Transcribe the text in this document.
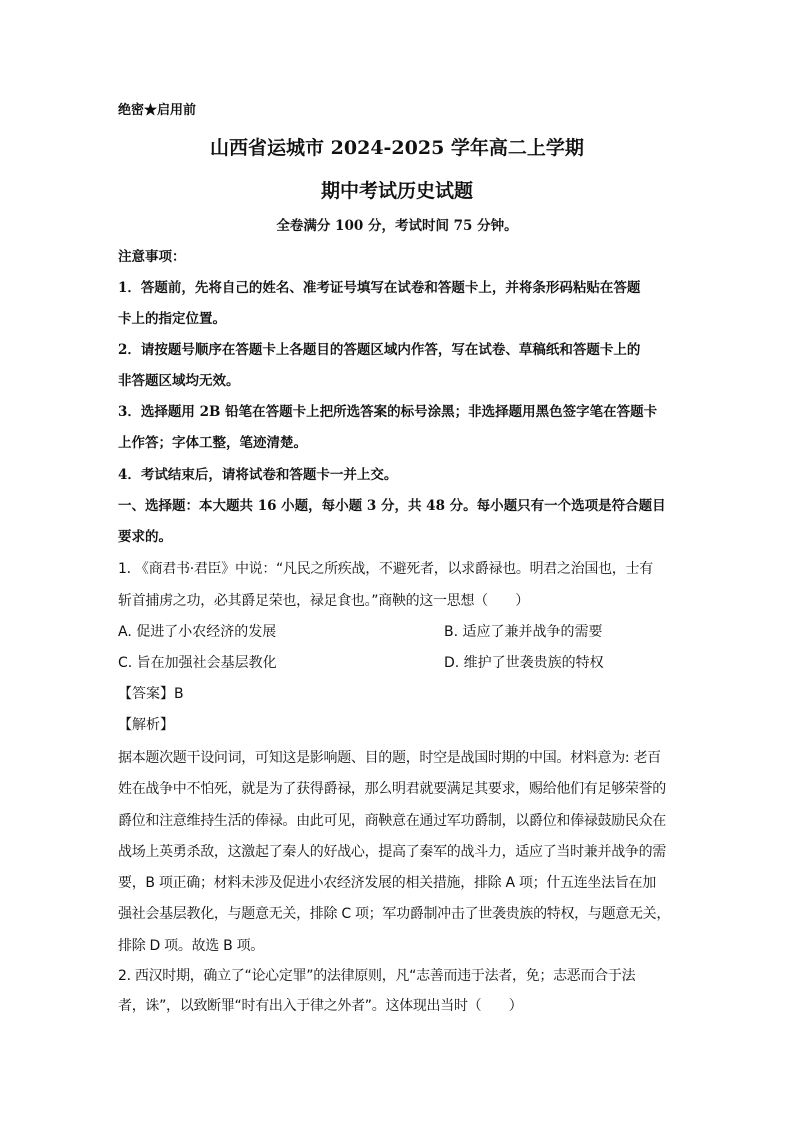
绝密★启用前
山西省运城市 2024-2025 学年高二上学期
期中考试历史试题
全卷满分 100 分，考试时间 75 分钟。
注意事项：
1．答题前，先将自己的姓名、准考证号填写在试卷和答题卡上，并将条形码粘贴在答题
卡上的指定位置。
2．请按题号顺序在答题卡上各题目的答题区域内作答，写在试卷、草稿纸和答题卡上的
非答题区域均无效。
3．选择题用 2B 铅笔在答题卡上把所选答案的标号涂黑；非选择题用黑色签字笔在答题卡
上作答；字体工整，笔迹清楚。
4．考试结束后，请将试卷和答题卡一并上交。
一、选择题：本大题共 16 小题，每小题 3 分，共 48 分。每小题只有一个选项是符合题目
要求的。
1. 《商君书·君臣》中说：“凡民之所疾战，不避死者，以求爵禄也。明君之治国也，士有
斩首捕虏之功，必其爵足荣也，禄足食也。”商鞅的这一思想（　　）
A. 促进了小农经济的发展	B. 适应了兼并战争的需要
C. 旨在加强社会基层教化	D. 维护了世袭贵族的特权
【答案】B
【解析】
据本题次题干设问词，可知这是影响题、目的题，时空是战国时期的中国。材料意为: 老百
姓在战争中不怕死，就是为了获得爵禄，那么明君就要满足其要求，赐给他们有足够荣誉的
爵位和注意维持生活的俸禄。由此可见，商鞅意在通过军功爵制，以爵位和俸禄鼓励民众在
战场上英勇杀敌，这激起了秦人的好战心，提高了秦军的战斗力，适应了当时兼并战争的需
要，B 项正确；材料未涉及促进小农经济发展的相关措施，排除 A 项；什五连坐法旨在加
强社会基层教化，与题意无关，排除 C 项；军功爵制冲击了世袭贵族的特权，与题意无关，
排除 D 项。故选 B 项。
2. 西汉时期，确立了“论心定罪”的法律原则，凡“志善而违于法者，免；志恶而合于法
者，诛”，以致断罪“时有出入于律之外者”。这体现出当时（　　）
